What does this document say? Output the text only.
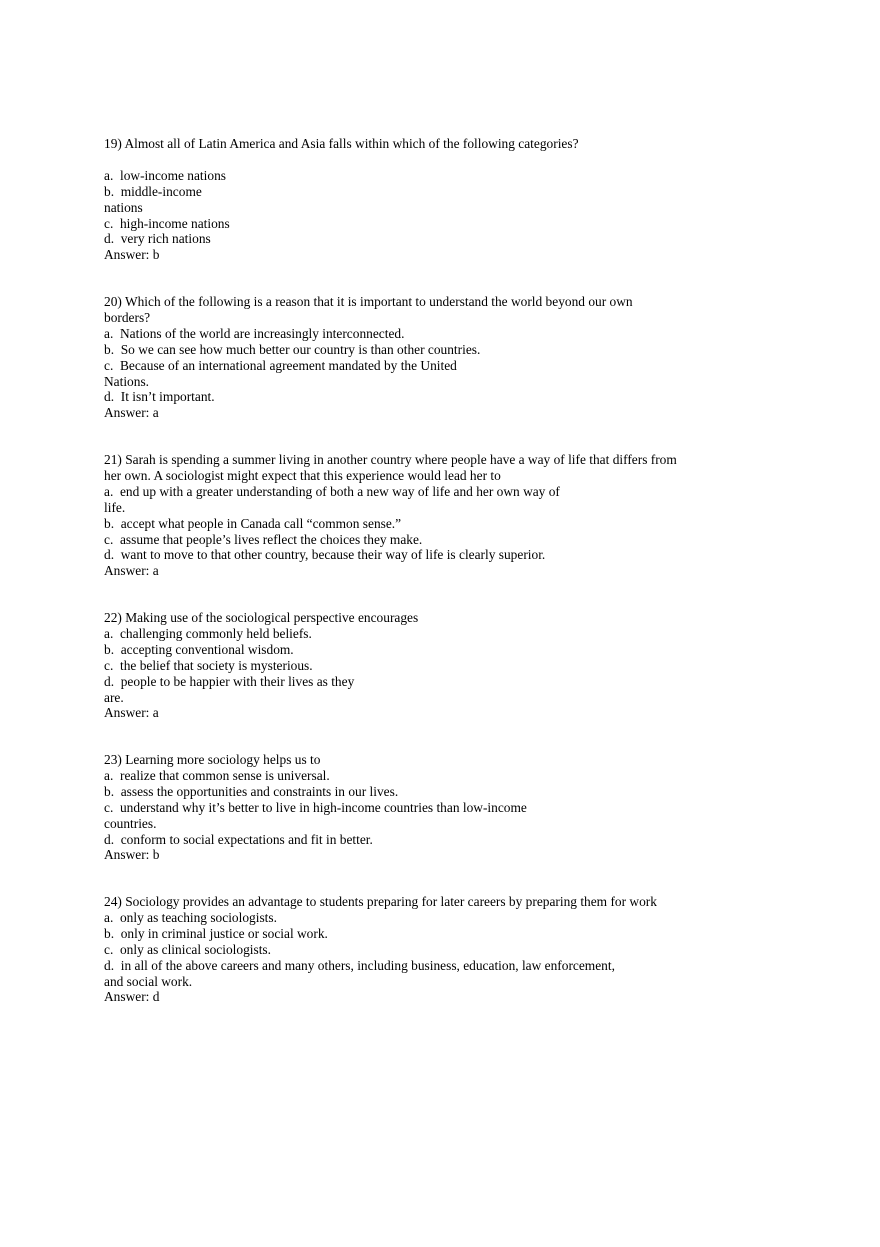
19) Almost all of Latin America and Asia falls within which of the following categories?
a.  low-income nations
b.  middle-income
nations
c.  high-income nations
d.  very rich nations
Answer: b
20) Which of the following is a reason that it is important to understand the world beyond our own
borders?
a.  Nations of the world are increasingly interconnected.
b.  So we can see how much better our country is than other countries.
c.  Because of an international agreement mandated by the United
Nations.
d.  It isn’t important.
Answer: a
21) Sarah is spending a summer living in another country where people have a way of life that differs from
her own. A sociologist might expect that this experience would lead her to
a.  end up with a greater understanding of both a new way of life and her own way of
life.
b.  accept what people in Canada call “common sense.”
c.  assume that people’s lives reflect the choices they make.
d.  want to move to that other country, because their way of life is clearly superior.
Answer: a
22) Making use of the sociological perspective encourages
a.  challenging commonly held beliefs.
b.  accepting conventional wisdom.
c.  the belief that society is mysterious.
d.  people to be happier with their lives as they
are.
Answer: a
23) Learning more sociology helps us to
a.  realize that common sense is universal.
b.  assess the opportunities and constraints in our lives.
c.  understand why it’s better to live in high-income countries than low-income
countries.
d.  conform to social expectations and fit in better.
Answer: b
24) Sociology provides an advantage to students preparing for later careers by preparing them for work
a.  only as teaching sociologists.
b.  only in criminal justice or social work.
c.  only as clinical sociologists.
d.  in all of the above careers and many others, including business, education, law enforcement,
and social work.
Answer: d
